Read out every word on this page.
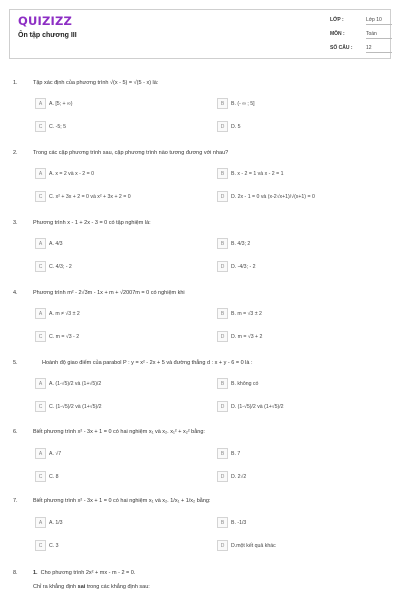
QUIZIZZ
Ôn tập chương III
LỚP :	Lớp 10
MÔN :	Toán
SỐ CÂU :	12
1.	Tập xác định của phương trình √(x - 5) = √(5 - x) là:
A	A. [5; + ∞)	B	B. (- ∞ ; 5]
C	C. -5; 5	D	D. 5
2.	Trong các cặp phương trình sau, cặp phương trình nào tương đương với nhau?
A	A. x = 2 và x - 2 = 0	B	B. x - 2 = 1 và x - 2 = 1
C	C. x² + 3x + 2 = 0 và x² + 3x + 2 = 0	D	D. 2x - 1 = 0 và (x-2√x+1)/√(x+1) = 0
3.	Phương trình x - 1 + 2x - 3 = 0 có tập nghiệm là:
A	A. 4/3	B	B. 4/3; 2
C	C. 4/3; - 2	D	D. -4/3; - 2
4.	Phương trình m² - 2√3m - 1x + m + √2007m = 0 có nghiệm khi
A	A. m ≠ √3 ± 2	B	B. m = √3 ± 2
C	C. m = √3 - 2	D	D. m = √3 + 2
5.	Hoành độ giao điểm của parabol P : y = x² - 2x + 5 và đường thẳng d : x + y - 6 = 0 là :
A	A. (1-√5)/2 và (1+√5)/2	B	B. không có
C	C. (1-√5)/2 và (1+√5)/2	D	D. (1-√5)/2 và (1+√5)/2
6.	Biết phương trình x² - 3x + 1 = 0 có hai nghiệm x₁ và x₂. x₁² + x₂² bằng:
A	A. √7	B	B. 7
C	C. 8	D	D. 2√2
7.	Biết phương trình x² - 3x + 1 = 0 có hai nghiệm x₁ và x₂. 1/x₁ + 1/x₂ bằng:
A	A. 1/3	B	B. -1/3
C	C. 3	D	D.một kết quả khác
8.	1. Cho phương trình 2x² + mx - m - 2 = 0.
Chỉ ra khẳng định sai trong các khẳng định sau:
